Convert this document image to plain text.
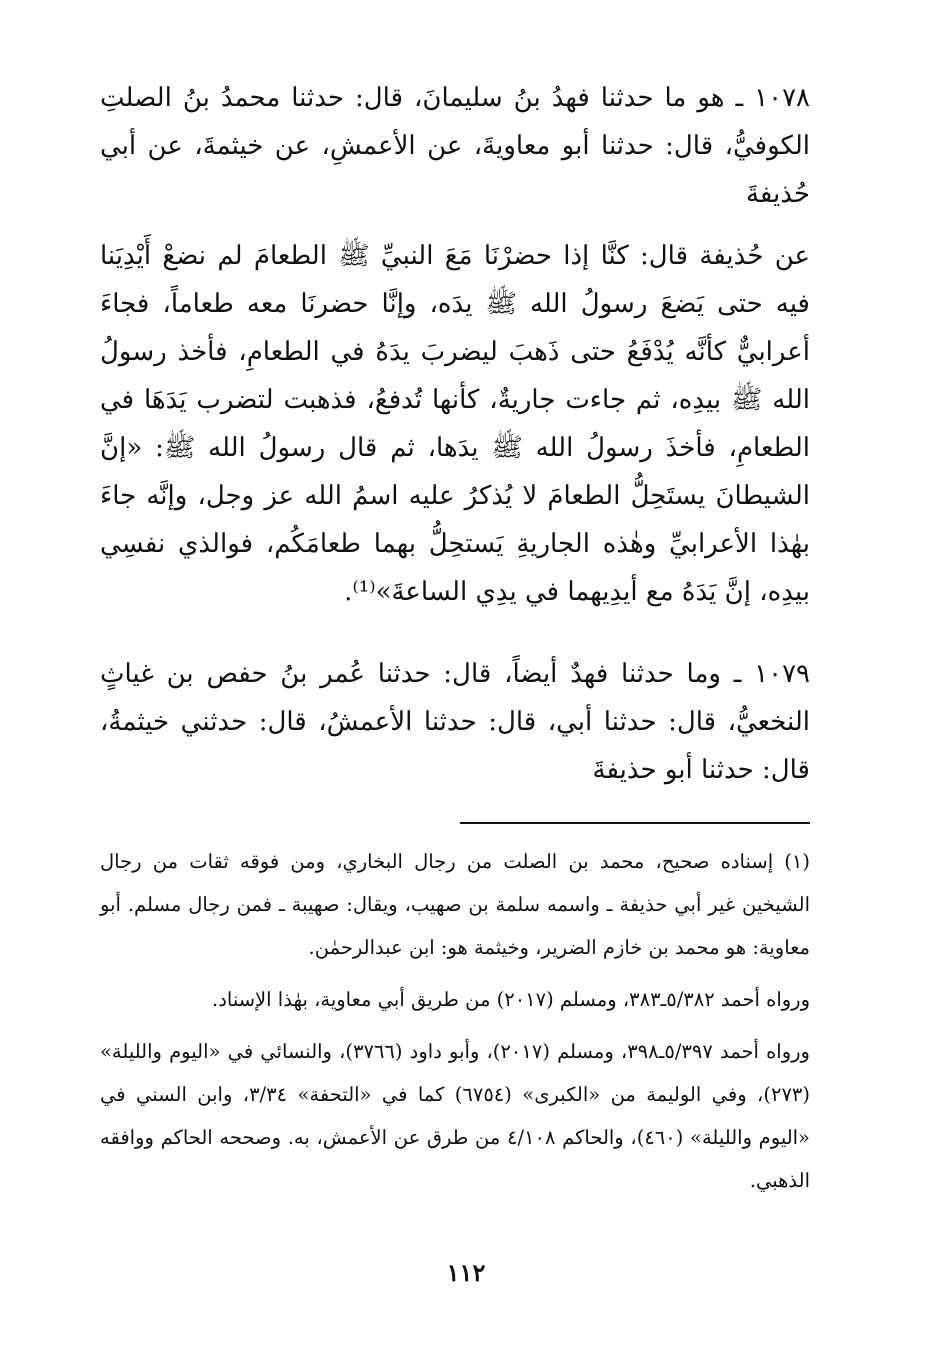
١٠٧٨ ـ هو ما حدثنا فهدُ بنُ سليمانَ، قال: حدثنا محمدُ بنُ الصلتِ الكوفيُّ، قال: حدثنا أبو معاويةَ، عن الأعمشِ، عن خيثمةَ، عن أبي حُذيفةَ

عن حُذيفة قال: كنَّا إذا حضرْنَا مَعَ النبيِّ ﷺ الطعامَ لم نضعْ أَيْدِيَنا فيه حتى يَضعَ رسولُ الله ﷺ يدَه، وإنَّا حضرنَا معه طعاماً، فجاءَ أعرابيٌّ كأنَّه يُدْفَعُ حتى ذَهبَ ليضربَ يدَهُ في الطعامِ، فأخذ رسولُ الله ﷺ بيدِه، ثم جاءت جاريةٌ، كأنها تُدفعُ، فذهبت لتضرب يَدَهَا في الطعامِ، فأخذَ رسولُ الله ﷺ يدَها، ثم قال رسولُ الله ﷺ: «إنَّ الشيطانَ يستَحِلُّ الطعامَ لا يُذكرُ عليه اسمُ الله عز وجل، وإنَّه جاءَ بهٰذا الأعرابيِّ وهٰذه الجاريةِ يَستحِلُّ بهما طعامَكُم، فوالذي نفسِي بيدِه، إنَّ يَدَهُ مع أيدِيهما في يدِي الساعةَ»⁽¹⁾.

١٠٧٩ ـ وما حدثنا فهدٌ أيضاً، قال: حدثنا عُمر بنُ حفص بن غياثٍ النخعيُّ، قال: حدثنا أبي، قال: حدثنا الأعمشُ، قال: حدثني خيثمةُ، قال: حدثنا أبو حذيفةَ

(١) إسناده صحيح، محمد بن الصلت من رجال البخاري، ومن فوقه ثقات من رجال الشيخين غير أبي حذيفة ـ واسمه سلمة بن صهيب، ويقال: صهيبة ـ فمن رجال مسلم. أبو معاوية: هو محمد بن خازم الضرير، وخيثمة هو: ابن عبدالرحمٰن.

ورواه أحمد ٥/٣٨٢ـ٣٨٣، ومسلم (٢٠١٧) من طريق أبي معاوية، بهٰذا الإسناد.

ورواه أحمد ٥/٣٩٧ـ٣٩٨، ومسلم (٢٠١٧)، وأبو داود (٣٧٦٦)، والنسائي في «اليوم والليلة» (٢٧٣)، وفي الوليمة من «الكبرى» (٦٧٥٤) كما في «التحفة» ٣/٣٤، وابن السني في «اليوم والليلة» (٤٦٠)، والحاكم ٤/١٠٨ من طرق عن الأعمش، به. وصححه الحاكم ووافقه الذهبي.

١١٢
